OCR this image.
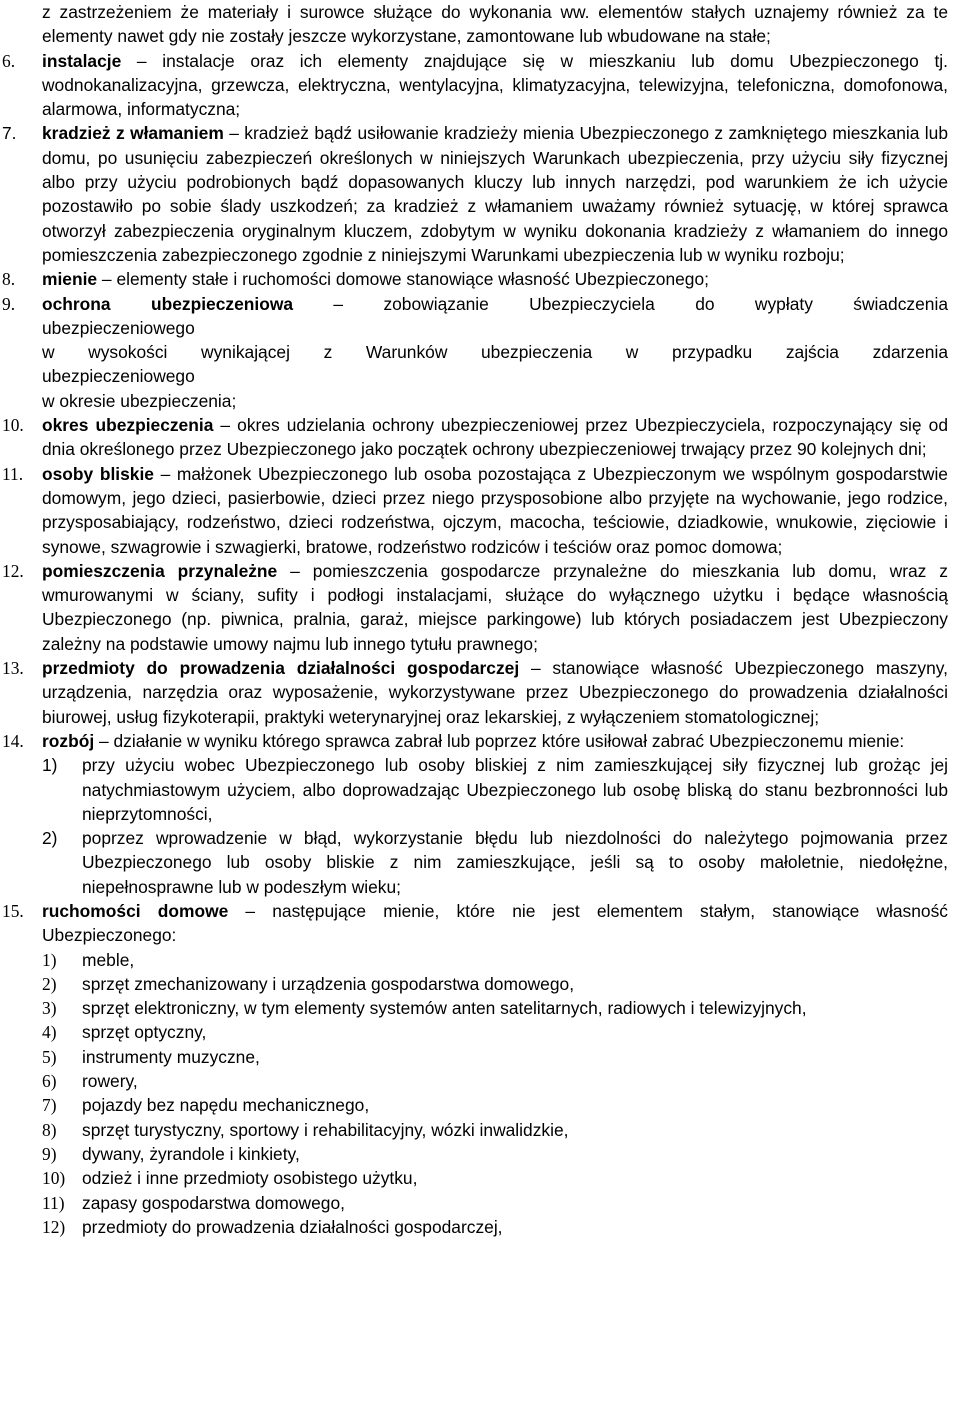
z zastrzeżeniem że materiały i surowce służące do wykonania ww. elementów stałych uznajemy również za te elementy nawet gdy nie zostały jeszcze wykorzystane, zamontowane lub wbudowane na stałe;

6. instalacje – instalacje oraz ich elementy znajdujące się w mieszkaniu lub domu Ubezpieczonego tj. wodnokanalizacyjna, grzewcza, elektryczna, wentylacyjna, klimatyzacyjna, telewizyjna, telefoniczna, domofonowa, alarmowa, informatyczna;
7. kradzież z włamaniem – kradzież bądź usiłowanie kradzieży mienia Ubezpieczonego z zamkniętego mieszkania lub domu, po usunięciu zabezpieczeń określonych w niniejszych Warunkach ubezpieczenia, przy użyciu siły fizycznej albo przy użyciu podrobionych bądź dopasowanych kluczy lub innych narzędzi, pod warunkiem że ich użycie pozostawiło po sobie ślady uszkodzeń; za kradzież z włamaniem uważamy również sytuację, w której sprawca otworzył zabezpieczenia oryginalnym kluczem, zdobytym w wyniku dokonania kradzieży z włamaniem do innego pomieszczenia zabezpieczonego zgodnie z niniejszymi Warunkami ubezpieczenia lub w wyniku rozboju;
8. mienie – elementy stałe i ruchomości domowe stanowiące własność Ubezpieczonego;
9. ochrona ubezpieczeniowa – zobowiązanie Ubezpieczyciela do wypłaty świadczenia
ubezpieczeniowego
w wysokości wynikającej z Warunków ubezpieczenia w przypadku zajścia zdarzenia
ubezpieczeniowego
w okresie ubezpieczenia;
10. okres ubezpieczenia – okres udzielania ochrony ubezpieczeniowej przez Ubezpieczyciela, rozpoczynający się od dnia określonego przez Ubezpieczonego jako początek ochrony ubezpieczeniowej trwający przez 90 kolejnych dni;
11. osoby bliskie – małżonek Ubezpieczonego lub osoba pozostająca z Ubezpieczonym we wspólnym gospodarstwie domowym, jego dzieci, pasierbowie, dzieci przez niego przysposobione albo przyjęte na wychowanie, jego rodzice, przysposabiający, rodzeństwo, dzieci rodzeństwa, ojczym, macocha, teściowie, dziadkowie, wnukowie, zięciowie i synowe, szwagrowie i szwagierki, bratowe, rodzeństwo rodziców i teściów oraz pomoc domowa;
12. pomieszczenia przynależne – pomieszczenia gospodarcze przynależne do mieszkania lub domu, wraz z wmurowanymi w ściany, sufity i podłogi instalacjami, służące do wyłącznego użytku i będące własnością Ubezpieczonego (np. piwnica, pralnia, garaż, miejsce parkingowe) lub których posiadaczem jest Ubezpieczony zależny na podstawie umowy najmu lub innego tytułu prawnego;
13. przedmioty do prowadzenia działalności gospodarczej – stanowiące własność Ubezpieczonego maszyny, urządzenia, narzędzia oraz wyposażenie, wykorzystywane przez Ubezpieczonego do prowadzenia działalności biurowej, usług fizykoterapii, praktyki weterynaryjnej oraz lekarskiej, z wyłączeniem stomatologicznej;
14. rozbój – działanie w wyniku którego sprawca zabrał lub poprzez które usiłował zabrać Ubezpieczonemu mienie:
1) przy użyciu wobec Ubezpieczonego lub osoby bliskiej z nim zamieszkującej siły fizycznej lub grożąc jej natychmiastowym użyciem, albo doprowadzając Ubezpieczonego lub osobę bliską do stanu bezbronności lub nieprzytomności,
2) poprzez wprowadzenie w błąd, wykorzystanie błędu lub niezdolności do należytego pojmowania przez Ubezpieczonego lub osoby bliskie z nim zamieszkujące, jeśli są to osoby małoletnie, niedołężne, niepełnosprawne lub w podeszłym wieku;
15. ruchomości domowe – następujące mienie, które nie jest elementem stałym, stanowiące własność Ubezpieczonego:
1) meble,
2) sprzęt zmechanizowany i urządzenia gospodarstwa domowego,
3) sprzęt elektroniczny, w tym elementy systemów anten satelitarnych, radiowych i telewizyjnych,
4) sprzęt optyczny,
5) instrumenty muzyczne,
6) rowery,
7) pojazdy bez napędu mechanicznego,
8) sprzęt turystyczny, sportowy i rehabilitacyjny, wózki inwalidzkie,
9) dywany, żyrandole i kinkiety,
10) odzież i inne przedmioty osobistego użytku,
11) zapasy gospodarstwa domowego,
12) przedmioty do prowadzenia działalności gospodarczej,
